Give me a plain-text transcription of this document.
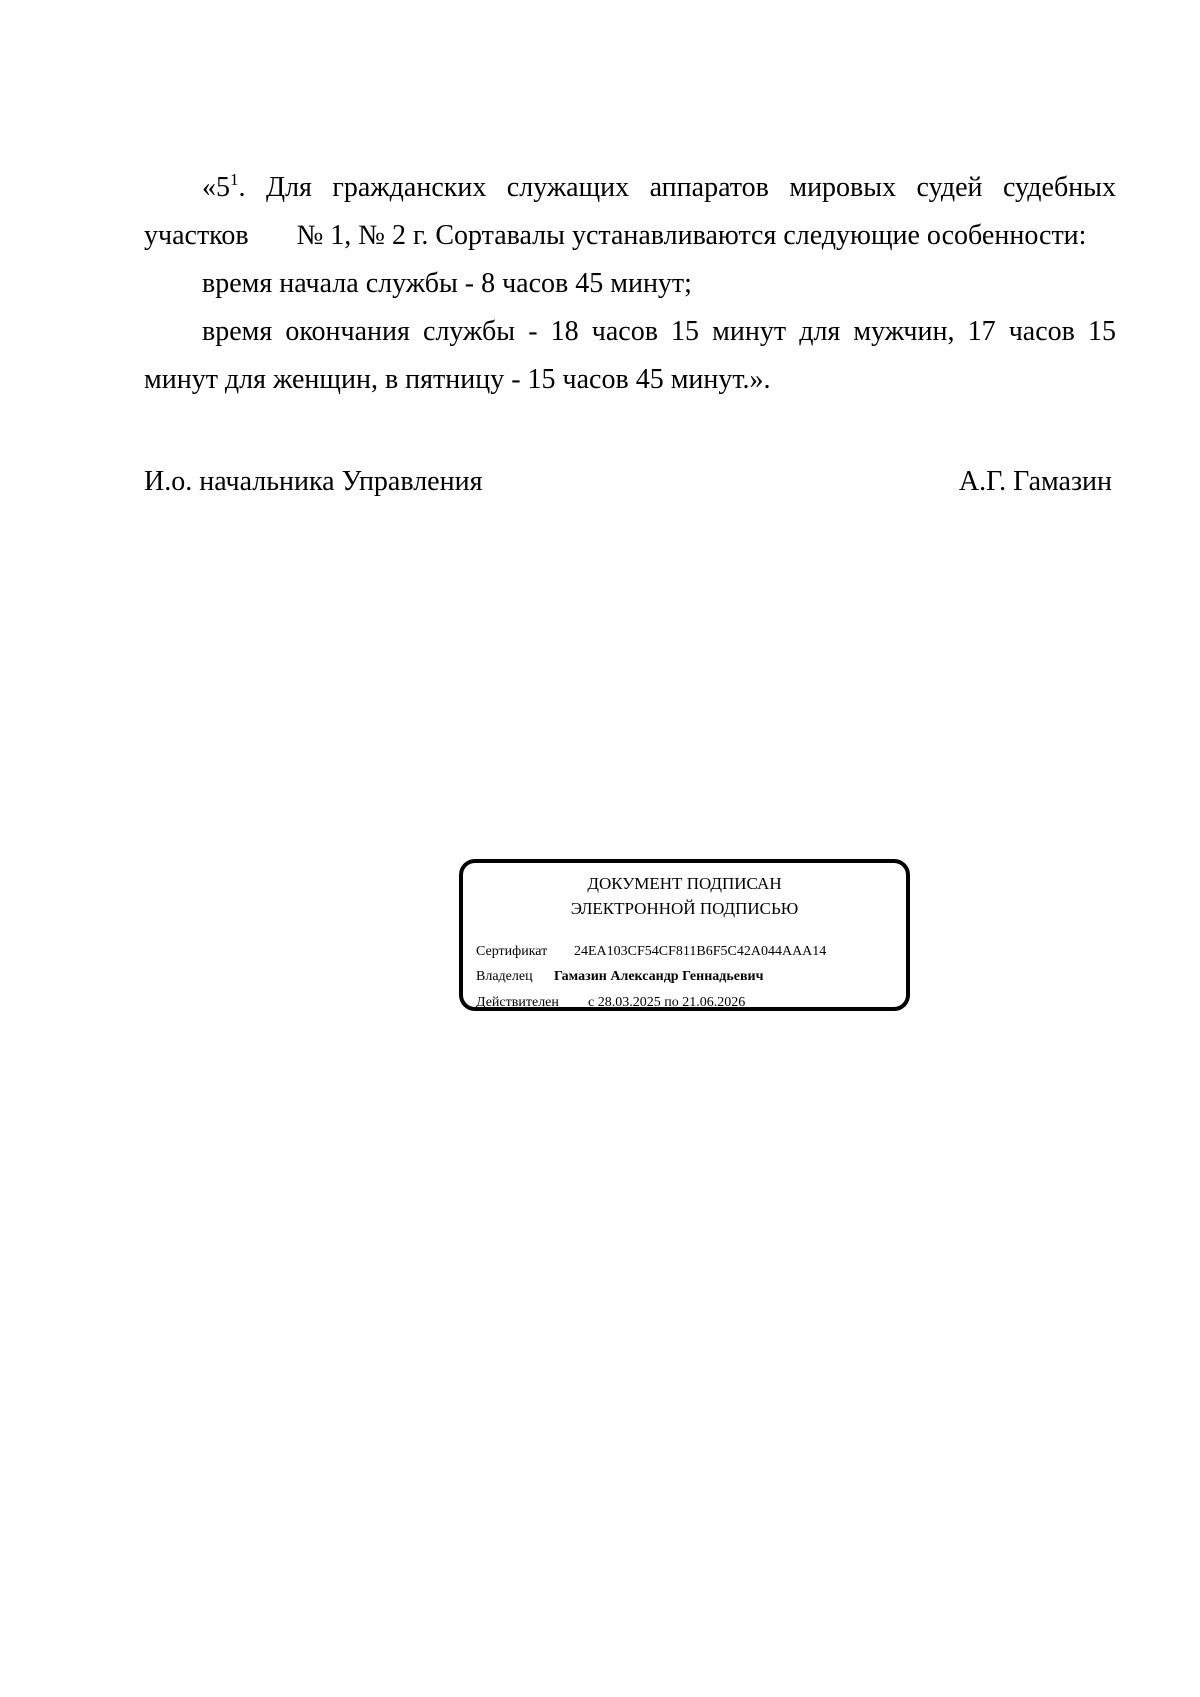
«$5^1$. Для гражданских служащих аппаратов мировых судей судебных участков № 1, № 2 г. Сортавалы устанавливаются следующие особенности:

время начала службы - 8 часов 45 минут;

время окончания службы - 18 часов 15 минут для мужчин, 17 часов 15 минут для женщин, в пятницу - 15 часов 45 минут.».

И.о. начальника Управления	А.Г. Гамазин
ДОКУМЕНТ ПОДПИСАН
ЭЛЕКТРОННОЙ ПОДПИСЬЮ
Сертификат 24EA103CF54CF811B6F5C42A044AAA14
Владелец Гамазин Александр Геннадьевич
Действителен с 28.03.2025 по 21.06.2026
